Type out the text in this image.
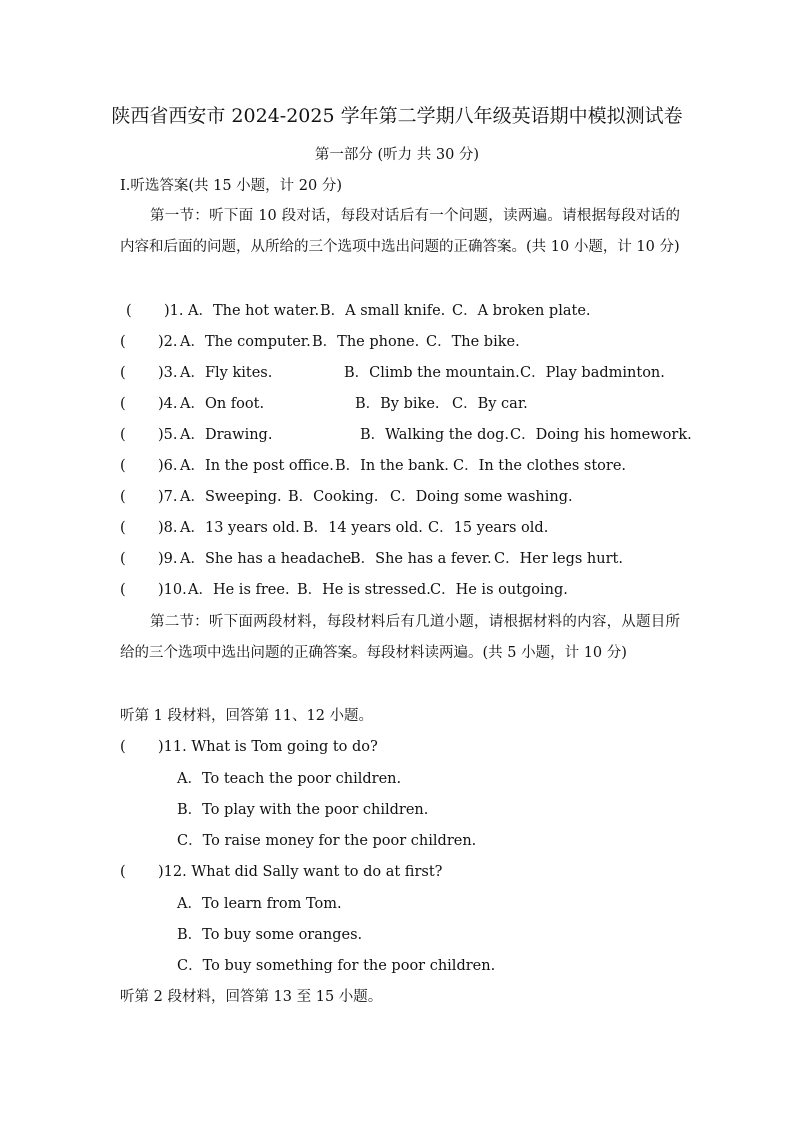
陕西省西安市 2024-2025 学年第二学期八年级英语期中模拟测试卷
第一部分 (听力 共 30 分)
Ⅰ.听选答案(共 15 小题，计 20 分)
第一节：听下面 10 段对话，每段对话后有一个问题，读两遍。请根据每段对话的内容和后面的问题，从所给的三个选项中选出问题的正确答案。(共 10 小题，计 10 分)
( )1. A．The hot water. B．A small knife. C．A broken plate.
( )2. A．The computer. B．The phone. C．The bike.
( )3. A．Fly kites.	B．Climb the mountain. C．Play badminton.
( )4. A．On foot.	B．By bike. C．By car.
( )5. A．Drawing.	B．Walking the dog. C．Doing his homework.
( )6. A．In the post office. B．In the bank. C．In the clothes store.
( )7. A．Sweeping. B．Cooking. C．Doing some washing.
( )8. A．13 years old. B．14 years old. C．15 years old.
( )9. A．She has a headache.
B．She has a fever. C．Her legs hurt.
( )10. A．He is free. B．He is stressed. C．He is outgoing.
第二节：听下面两段材料，每段材料后有几道小题，请根据材料的内容，从题目所给的三个选项中选出问题的正确答案。每段材料读两遍。(共 5 小题，计 10 分)
听第 1 段材料，回答第 11、12 小题。
( )11. What is Tom going to do?
A．To teach the poor children.
B．To play with the poor children.
C．To raise money for the poor children.
( )12. What did Sally want to do at first?
A．To learn from Tom.
B．To buy some oranges.
C．To buy something for the poor children.
听第 2 段材料，回答第 13 至 15 小题。
